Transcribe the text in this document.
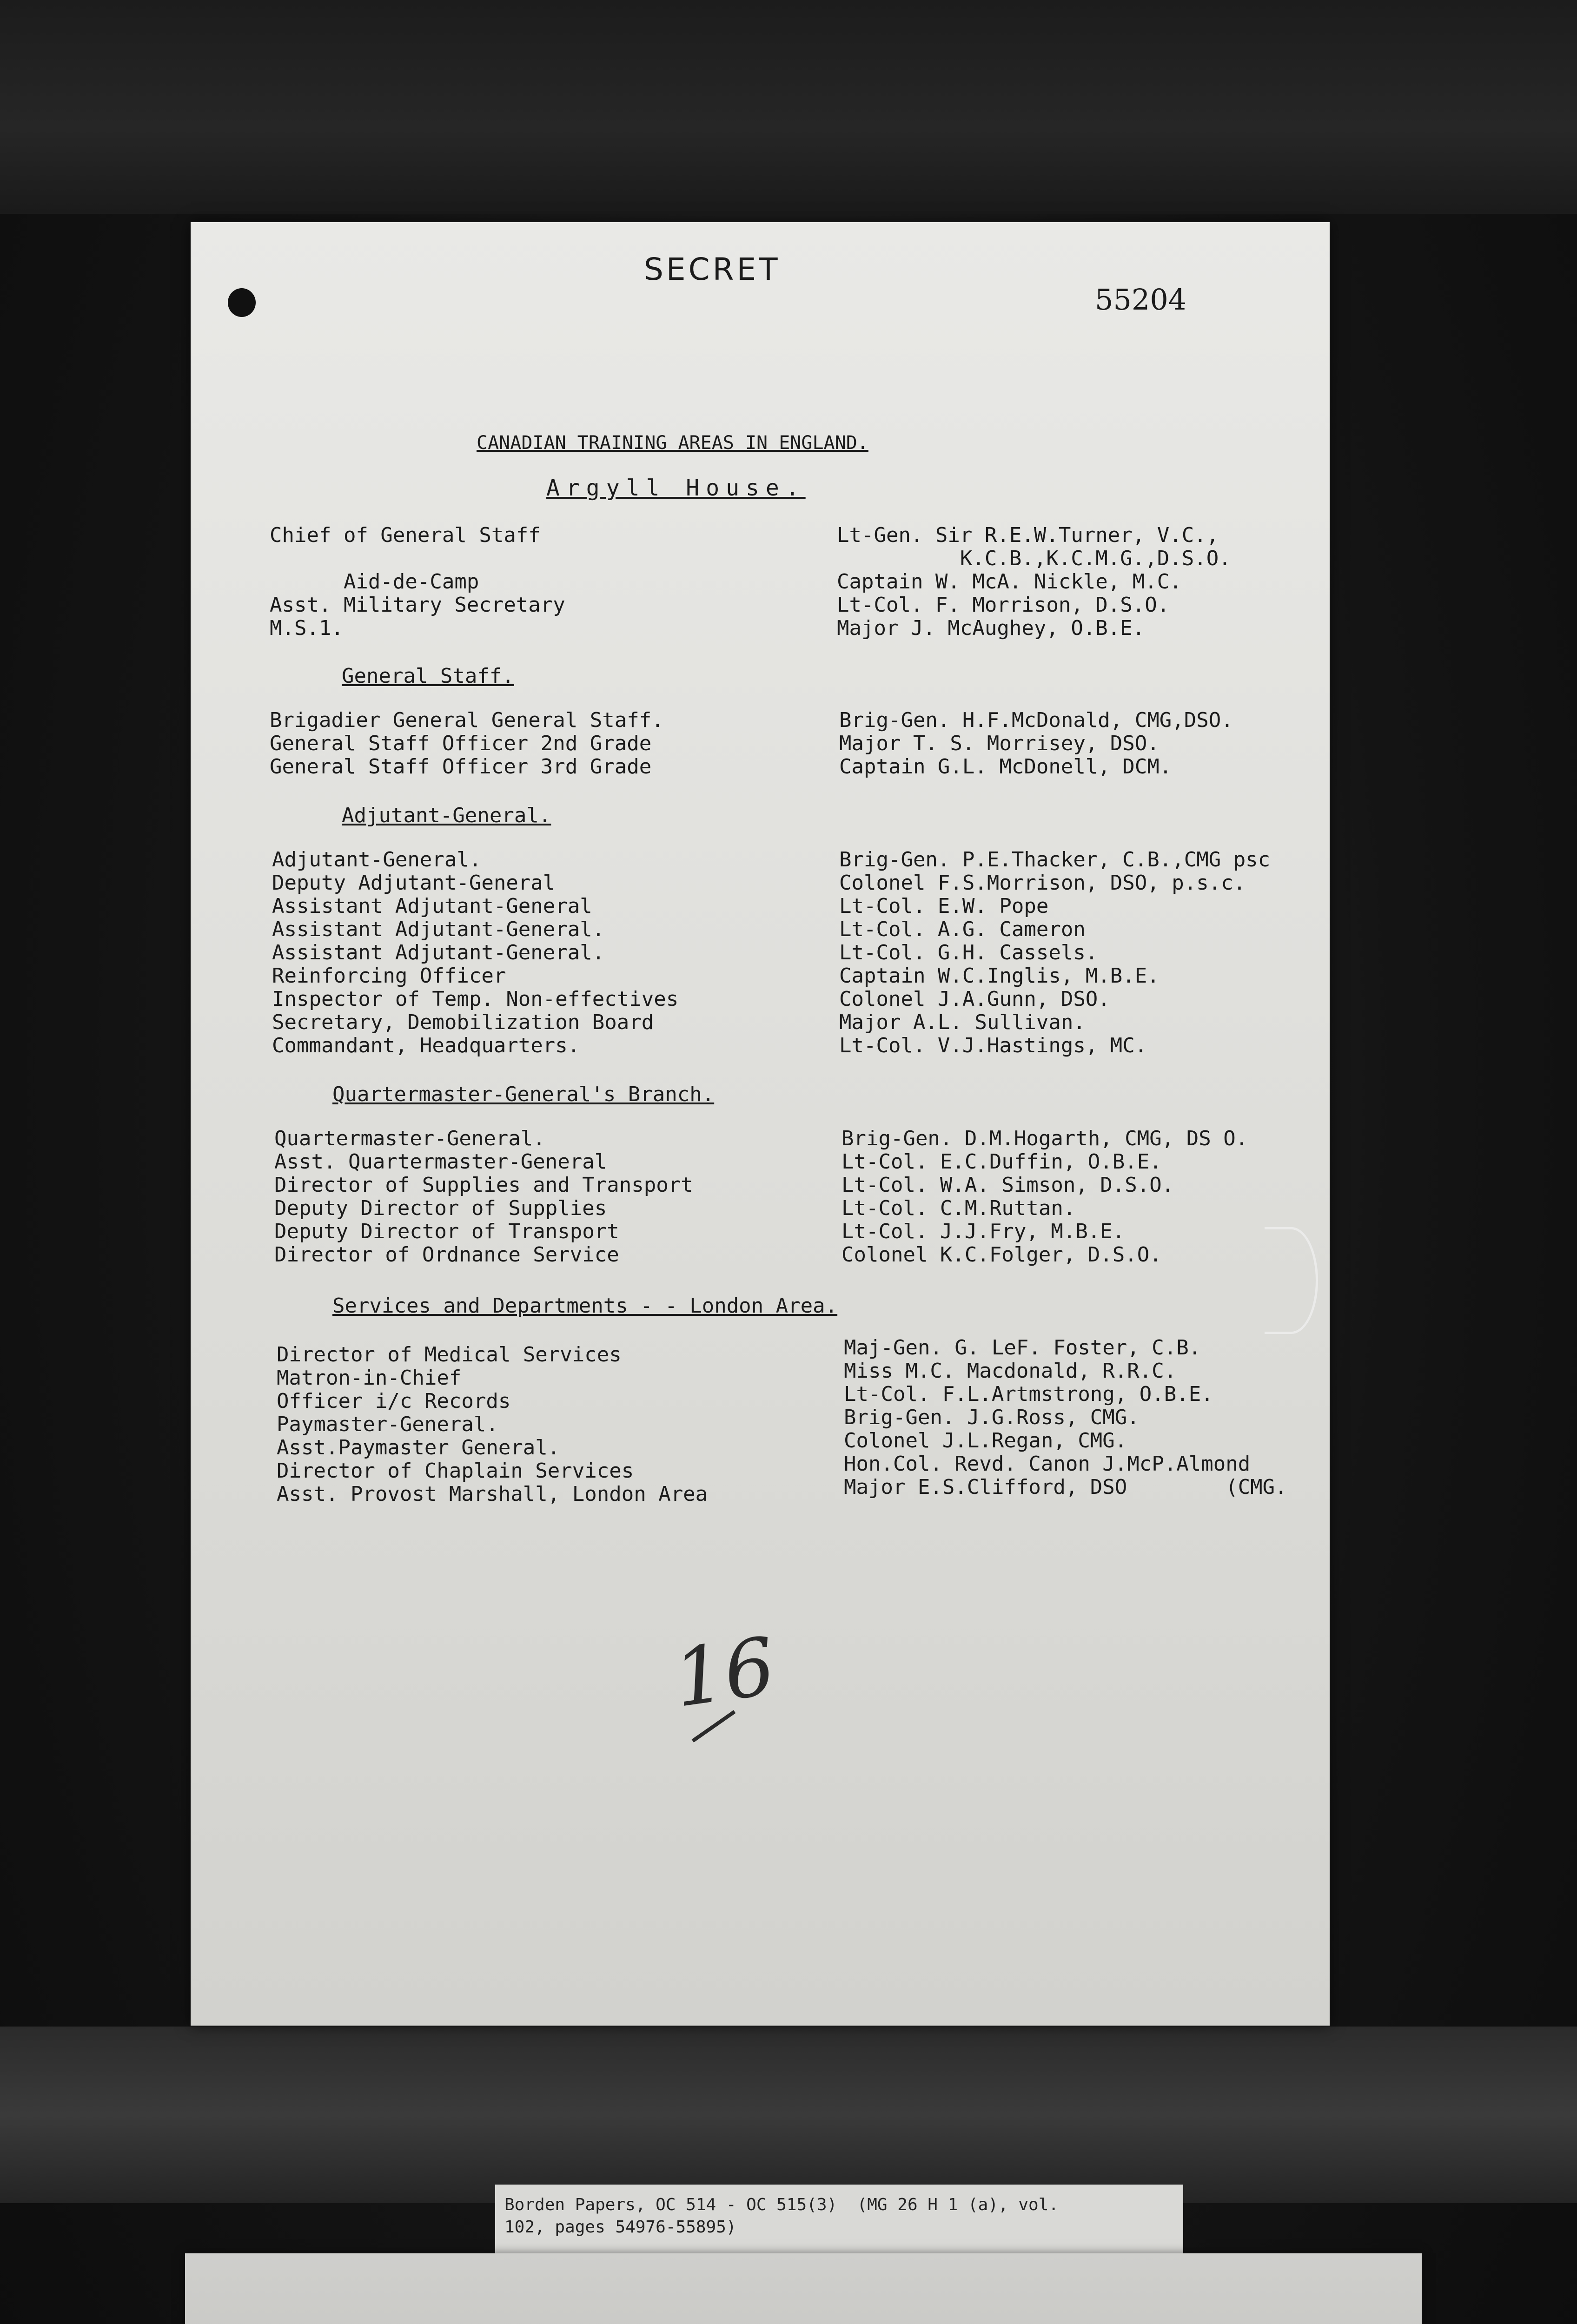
SECRET
55204
CANADIAN TRAINING AREAS IN ENGLAND.
Argyll House.
Chief of General Staff	Lt-Gen. Sir R.E.W.Turner, V.C.,
K.C.B.,K.C.M.G.,D.S.O.
Aid-de-Camp	Captain W. McA. Nickle, M.C.
Asst. Military Secretary	Lt-Col. F. Morrison, D.S.O.
M.S.1.	Major J. McAughey, O.B.E.
General Staff.
Brigadier General General Staff.	Brig-Gen. H.F.McDonald, CMG,DSO.
General Staff Officer 2nd Grade	Major T. S. Morrisey, DSO.
General Staff Officer 3rd Grade	Captain G.L. McDonell, DCM.
Adjutant-General.
Adjutant-General.	Brig-Gen. P.E.Thacker, C.B.,CMG psc
Deputy Adjutant-General	Colonel F.S.Morrison, DSO, p.s.c.
Assistant Adjutant-General	Lt-Col. E.W. Pope
Assistant Adjutant-General.	Lt-Col. A.G. Cameron
Assistant Adjutant-General.	Lt-Col. G.H. Cassels.
Reinforcing Officer	Captain W.C.Inglis, M.B.E.
Inspector of Temp. Non-effectives	Colonel J.A.Gunn, DSO.
Secretary, Demobilization Board	Major A.L. Sullivan.
Commandant, Headquarters.	Lt-Col. V.J.Hastings, MC.
Quartermaster-General's Branch.
Quartermaster-General.	Brig-Gen. D.M.Hogarth, CMG, DS O.
Asst. Quartermaster-General	Lt-Col. E.C.Duffin, O.B.E.
Director of Supplies and Transport	Lt-Col. W.A. Simson, D.S.O.
Deputy Director of Supplies	Lt-Col. C.M.Ruttan.
Deputy Director of Transport	Lt-Col. J.J.Fry, M.B.E.
Director of Ordnance Service	Colonel K.C.Folger, D.S.O.
Services and Departments - - London Area.
Director of Medical Services	Maj-Gen. G. LeF. Foster, C.B.
Matron-in-Chief	Miss M.C. Macdonald, R.R.C.
Officer i/c Records	Lt-Col. F.L.Artmstrong, O.B.E.
Paymaster-General.	Brig-Gen. J.G.Ross, CMG.
Asst.Paymaster General.	Colonel J.L.Regan, CMG.
Director of Chaplain Services	Hon.Col. Revd. Canon J.McP.Almond
Asst. Provost Marshall, London Area	Major E.S.Clifford, DSO        (CMG.
16
Borden Papers, OC 514 - OC 515(3)  (MG 26 H 1 (a), vol.
102, pages 54976-55895)
